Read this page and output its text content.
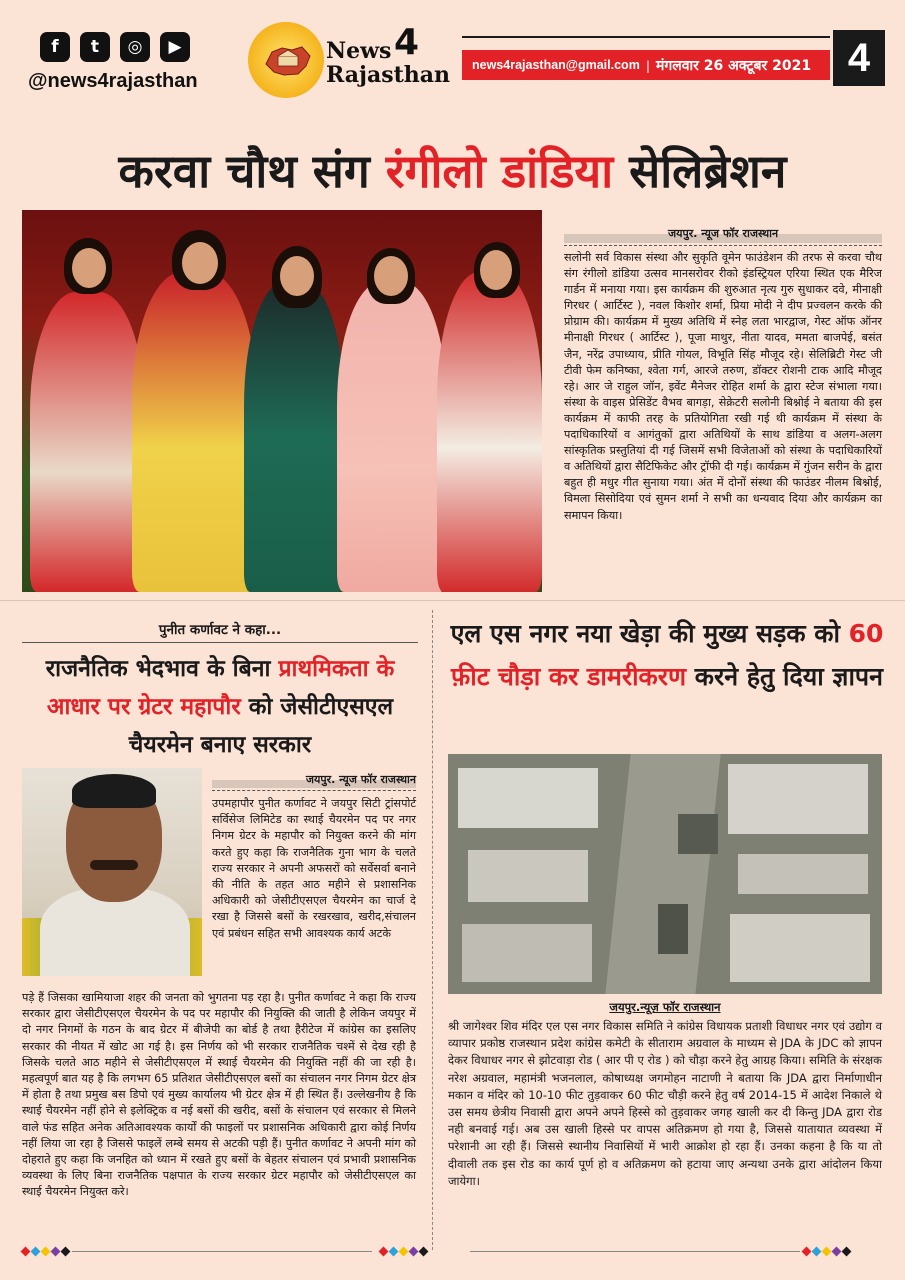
f t ◎ ▶
@news4rajasthan
News 4
Rajasthan	news4rajasthan@gmail.com | मंगलवार 26 अक्टूबर 2021 4
करवा चौथ संग रंगीलो डांडिया सेलिब्रेशन
जयपुर. न्यूज फॉर राजस्थान
सलोनी सर्व विकास संस्था और सुकृति वूमेन फाउंडेशन की तरफ से करवा चौथ संग रंगीलो डांडिया उत्सव मानसरोवर रीको इंडस्ट्रियल एरिया स्थित एक मैरिज गार्डन में मनाया गया। इस कार्यक्रम की शुरुआत नृत्य गुरु सुधाकर दवे, मीनाक्षी गिरधर ( आर्टिस्ट ), नवल किशोर शर्मा, प्रिया मोदी ने दीप प्रज्वलन करके की प्रोग्राम की। कार्यक्रम में मुख्य अतिथि में स्नेह लता भारद्वाज, गेस्ट ऑफ ऑनर मीनाक्षी गिरधर ( आर्टिस्ट ), पूजा माथुर, नीता यादव, ममता बाजपेई, बसंत जैन, नरेंद्र उपाध्याय, प्रीति गोयल, विभूति सिंह मौजूद रहे। सेलिब्रिटी गेस्ट जी टीवी फेम कनिष्का, श्वेता गर्ग, आरजे तरुण, डॉक्टर रोशनी टाक आदि मौजूद रहे। आर जे राहुल जॉन, इवेंट मैनेजर रोहित शर्मा के द्वारा स्टेज संभाला गया। संस्था के वाइस प्रेसिडेंट वैभव बागड़ा, सेक्रेटरी सलोनी बिश्नोई ने बताया की इस कार्यक्रम में काफी तरह के प्रतियोगिता रखी गई थी कार्यक्रम में संस्था के पदाधिकारियों व आगंतुकों द्वारा अतिथियों के साथ डांडिया व अलग-अलग सांस्कृतिक प्रस्तुतियां दी गई जिसमें सभी विजेताओं को संस्था के पदाधिकारियों व अतिथियों द्वारा सैटिफिकेट और ट्रॉफी दी गई। कार्यक्रम में गुंजन सरीन के द्वारा बहुत ही मधुर गीत सुनाया गया। अंत में दोनों संस्था की फाउंडर नीलम बिश्नोई, विमला सिसोदिया एवं सुमन शर्मा ने सभी का धन्यवाद दिया और कार्यक्रम का समापन किया।
पुनीत कर्णावट ने कहा...
राजनैतिक भेदभाव के बिना प्राथमिकता के आधार पर ग्रेटर महापौर को जेसीटीएसएल चैयरमेन बनाए सरकार
जयपुर. न्यूज फॉर राजस्थान
उपमहापौर पुनीत कर्णावट ने जयपुर सिटी ट्रांसपोर्ट सर्विसेज लिमिटेड का स्थाई चैयरमेन पद पर नगर निगम ग्रेटर के महापौर को नियुक्त करने की मांग करते हुए कहा कि राजनैतिक गुना भाग के चलते राज्य सरकार ने अपनी अफसरों को सर्वेसर्वा बनाने की नीति के तहत आठ महीने से प्रशासनिक अधिकारी को जेसीटीएसएल चैयरमेन का चार्ज दे रखा है जिससे बसों के रखरखाव, खरीद,संचालन एवं प्रबंधन सहित सभी आवश्यक कार्य अटके
पड़े हैं जिसका खामियाजा शहर की जनता को भुगतना पड़ रहा है। पुनीत कर्णावट ने कहा कि राज्य सरकार द्वारा जेसीटीएसएल चैयरमेन के पद पर महापौर की नियुक्ति की जाती है लेकिन जयपुर में दो नगर निगमों के गठन के बाद ग्रेटर में बीजेपी का बोर्ड है तथा हैरीटेज में कांग्रेस का इसलिए सरकार की नीयत में खोट आ गई है। इस निर्णय को भी सरकार राजनैतिक चश्में से देख रही है जिसके चलते आठ महीने से जेसीटीएसएल में स्थाई चैयरमेन की नियुक्ति नहीं की जा रही है। महत्वपूर्ण बात यह है कि लगभग 65 प्रतिशत जेसीटीएसएल बसों का संचालन नगर निगम ग्रेटर क्षेत्र में होता है तथा प्रमुख बस डिपो एवं मुख्य कार्यालय भी ग्रेटर क्षेत्र में ही स्थित हैं। उल्लेखनीय है कि स्थाई चैयरमेन नहीं होने से इलेक्ट्रिक व नई बसों की खरीद, बसों के संचालन एवं सरकार से मिलने वाले फंड सहित अनेक अतिआवश्यक कार्यों की फाइलों पर प्रशासनिक अधिकारी द्वारा कोई निर्णय नहीं लिया जा रहा है जिससे फाइलें लम्बे समय से अटकी पड़ी हैं। पुनीत कर्णावट ने अपनी मांग को दोहराते हुए कहा कि जनहित को ध्यान में रखते हुए बसों के बेहतर संचालन एवं प्रभावी प्रशासनिक व्यवस्था के लिए बिना राजनैतिक पक्षपात के राज्य सरकार ग्रेटर महापौर को जेसीटीएसएल का स्थाई चैयरमेन नियुक्त करे।
एल एस नगर नया खेड़ा की मुख्य सड़क को 60 फ़ीट चौड़ा कर डामरीकरण करने हेतु दिया ज्ञापन
जयपुर.न्यूज़ फॉर राजस्थान
श्री जागेश्वर शिव मंदिर एल एस नगर विकास समिति ने कांग्रेस विधायक प्रताशी विधाधर नगर एवं उद्योग व व्यापार प्रकोष्ठ राजस्थान प्रदेश कांग्रेस कमेटी के सीताराम अग्रवाल के माध्यम से JDA के JDC को ज्ञापन देकर विधाधर नगर से झोटवाड़ा रोड ( आर पी ए रोड ) को चौड़ा करने हेतु आग्रह किया। समिति के संरक्षक नरेश अग्रवाल, महामंत्री भजनलाल, कोषाध्यक्ष जगमोहन नाटाणी ने बताया कि JDA द्वारा निर्माणाधीन मकान व मंदिर को 10-10 फीट तुड़वाकर 60 फीट चौड़ी करने हेतु वर्ष 2014-15 में आदेश निकाले थे उस समय छेत्रीय निवासी द्वारा अपने अपने हिस्से को तुड़वाकर जगह खाली कर दी किन्तु JDA द्वारा रोड नही बनवाई गई। अब उस खाली हिस्से पर वापस अतिक्रमण हो गया है, जिससे यातायात व्यवस्था में परेशानी आ रही हैं। जिससे स्थानीय निवासियों में भारी आक्रोश हो रहा हैं। उनका कहना है कि या तो दीवाली तक इस रोड का कार्य पूर्ण हो व अतिक्रमण को हटाया जाए अन्यथा उनके द्वारा आंदोलन किया जायेगा।
